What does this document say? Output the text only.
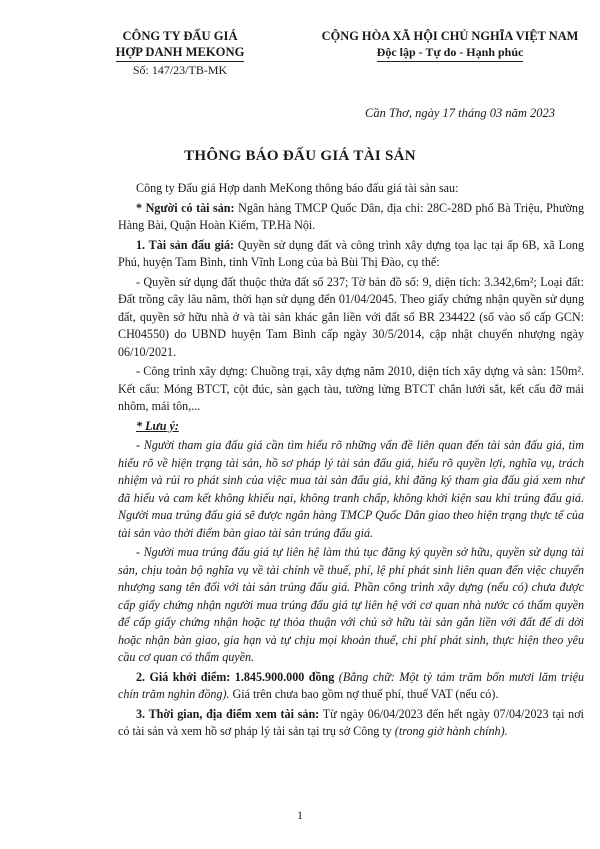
CÔNG TY ĐẤU GIÁ
HỢP DANH MEKONG
Số: 147/23/TB-MK
CỘNG HÒA XÃ HỘI CHỦ NGHĨA VIỆT NAM
Độc lập - Tự do - Hạnh phúc
Cần Thơ, ngày 17 tháng 03 năm 2023
THÔNG BÁO ĐẤU GIÁ TÀI SẢN

Công ty Đấu giá Hợp danh MeKong thông báo đấu giá tài sản sau:

* Người có tài sản: Ngân hàng TMCP Quốc Dân, địa chỉ: 28C-28D phố Bà Triệu, Phường Hàng Bài, Quận Hoàn Kiếm, TP.Hà Nội.

1. Tài sản đấu giá: Quyền sử dụng đất và công trình xây dựng tọa lạc tại ấp 6B, xã Long Phú, huyện Tam Bình, tỉnh Vĩnh Long của bà Bùi Thị Đào, cụ thể:

- Quyền sử dụng đất thuộc thửa đất số 237; Tờ bản đồ số: 9, diện tích: 3.342,6m²; Loại đất: Đất trồng cây lâu năm, thời hạn sử dụng đến 01/04/2045. Theo giấy chứng nhận quyền sử dụng đất, quyền sở hữu nhà ở và tài sản khác gắn liền với đất số BR 234422 (số vào sổ cấp GCN: CH04550) do UBND huyện Tam Bình cấp ngày 30/5/2014, cập nhật chuyển nhượng ngày 06/10/2021.

- Công trình xây dựng: Chuồng trại, xây dựng năm 2010, diện tích xây dựng và sàn: 150m². Kết cấu: Móng BTCT, cột đúc, sàn gạch tàu, tường lửng BTCT chắn lưới sắt, kết cấu đỡ mái nhôm, mái tôn,...

* Lưu ý:

- Người tham gia đấu giá cần tìm hiểu rõ những vấn đề liên quan đến tài sản đấu giá, tìm hiểu rõ về hiện trạng tài sản, hồ sơ pháp lý tài sản đấu giá, hiểu rõ quyền lợi, nghĩa vụ, trách nhiệm và rủi ro phát sinh của việc mua tài sản đấu giá, khi đăng ký tham gia đấu giá xem như đã hiểu và cam kết không khiếu nại, không tranh chấp, không khởi kiện sau khi trúng đấu giá. Người mua trúng đấu giá sẽ được ngân hàng TMCP Quốc Dân giao theo hiện trạng thực tế của tài sản vào thời điểm bàn giao tài sản trúng đấu giá.

- Người mua trúng đấu giá tự liên hệ làm thủ tục đăng ký quyền sở hữu, quyền sử dụng tài sản, chịu toàn bộ nghĩa vụ về tài chính về thuế, phí, lệ phí phát sinh liên quan đến việc chuyển nhượng sang tên đổi với tài sản trúng đấu giá. Phần công trình xây dựng (nếu có) chưa được cấp giấy chứng nhận người mua trúng đấu giá tự liên hệ với cơ quan nhà nước có thẩm quyền để cấp giấy chứng nhận hoặc tự thỏa thuận với chủ sở hữu tài sản gắn liền với đất để di dời hoặc nhận bàn giao, gia hạn và tự chịu mọi khoản thuế, chi phí phát sinh, thực hiện theo yêu cầu cơ quan có thẩm quyền.

2. Giá khởi điểm: 1.845.900.000 đồng (Bằng chữ: Một tỷ tám trăm bốn mươi lăm triệu chín trăm nghìn đồng). Giá trên chưa bao gồm nợ thuế phí, thuế VAT (nếu có).

3. Thời gian, địa điểm xem tài sản: Từ ngày 06/04/2023 đến hết ngày 07/04/2023 tại nơi có tài sản và xem hồ sơ pháp lý tài sản tại trụ sở Công ty (trong giờ hành chính).

1
